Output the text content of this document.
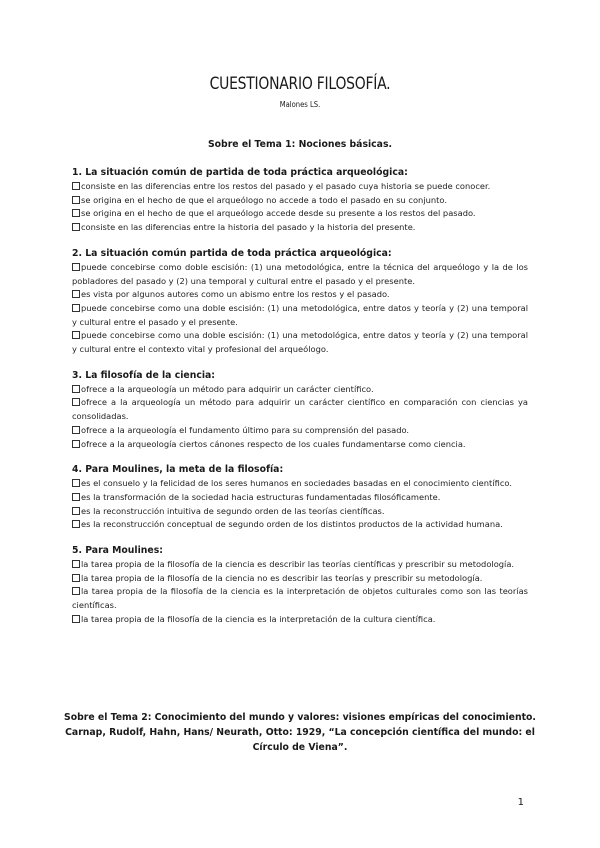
CUESTIONARIO FILOSOFÍA.
Malones LS.
Sobre el Tema 1: Nociones básicas.
1. La situación común de partida de toda práctica arqueológica:
consiste en las diferencias entre los restos del pasado y el pasado cuya historia se puede conocer.
se origina en el hecho de que el arqueólogo no accede a todo el pasado en su conjunto.
se origina en el hecho de que el arqueólogo accede desde su presente a los restos del pasado.
consiste en las diferencias entre la historia del pasado y la historia del presente.
2. La situación común partida de toda práctica arqueológica:
puede concebirse como doble escisión: (1) una metodológica, entre la técnica del arqueólogo y la de los pobladores del pasado y (2) una temporal y cultural entre el pasado y el presente.
es vista por algunos autores como un abismo entre los restos y el pasado.
puede concebirse como una doble escisión: (1) una metodológica, entre datos y teoría y (2) una temporal y cultural entre el pasado y el presente.
puede concebirse como una doble escisión: (1) una metodológica, entre datos y teoría y (2) una temporal y cultural entre el contexto vital y profesional del arqueólogo.
3. La filosofía de la ciencia:
ofrece a la arqueología un método para adquirir un carácter científico.
ofrece a la arqueología un método para adquirir un carácter científico en comparación con ciencias ya consolidadas.
ofrece a la arqueología el fundamento último para su comprensión del pasado.
ofrece a la arqueología ciertos cánones respecto de los cuales fundamentarse como ciencia.
4. Para Moulines, la meta de la filosofía:
es el consuelo y la felicidad de los seres humanos en sociedades basadas en el conocimiento científico.
es la transformación de la sociedad hacia estructuras fundamentadas filosóficamente.
es la reconstrucción intuitiva de segundo orden de las teorías científicas.
es la reconstrucción conceptual de segundo orden de los distintos productos de la actividad humana.
5. Para Moulines:
la tarea propia de la filosofía de la ciencia es describir las teorías científicas y prescribir su metodología.
la tarea propia de la filosofía de la ciencia no es describir las teorías y prescribir su metodología.
la tarea propia de la filosofía de la ciencia es la interpretación de objetos culturales como son las teorías científicas.
la tarea propia de la filosofía de la ciencia es la interpretación de la cultura científica.
Sobre el Tema 2: Conocimiento del mundo y valores: visiones empíricas del conocimiento. Carnap, Rudolf, Hahn, Hans/ Neurath, Otto: 1929, “La concepción científica del mundo: el Círculo de Viena”.
1
